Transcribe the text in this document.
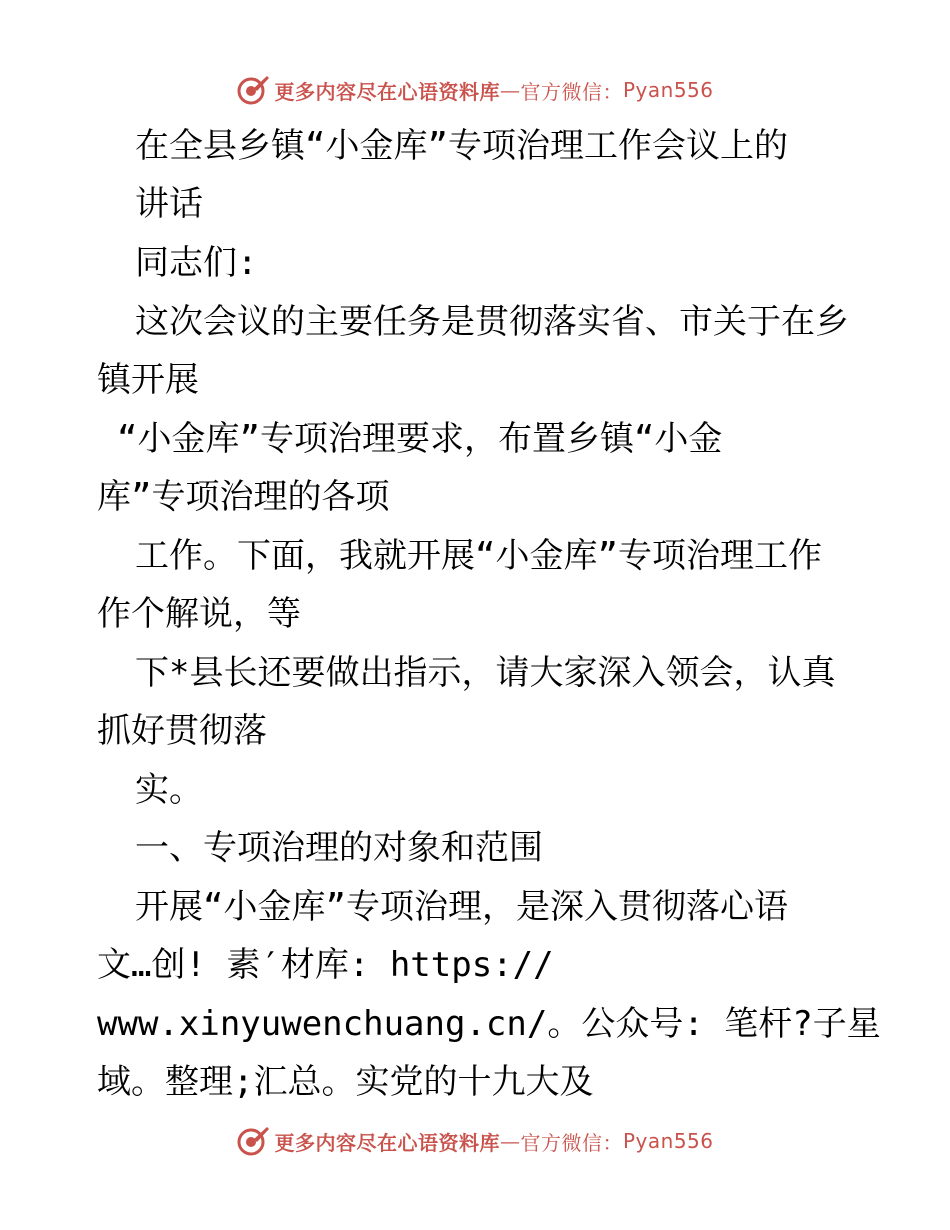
更多内容尽在心语资料库 — 官方微信： Pyan556
在全县乡镇“小金库”专项治理工作会议上的
讲话
同志们:
这次会议的主要任务是贯彻落实省、市关于在乡
镇开展
“小金库”专项治理要求，布置乡镇“小金
库”专项治理的各项
工作。下面，我就开展“小金库”专项治理工作
作个解说，等
下*县长还要做出指示，请大家深入领会，认真
抓好贯彻落
实。
一、专项治理的对象和范围
开展“小金库”专项治理，是深入贯彻落心语
文…创! 素′材库: https://
www.xinyuwenchuang.cn/。公众号: 笔杆?子星
域。整理;汇总。实党的十九大及
更多内容尽在心语资料库 — 官方微信： Pyan556
